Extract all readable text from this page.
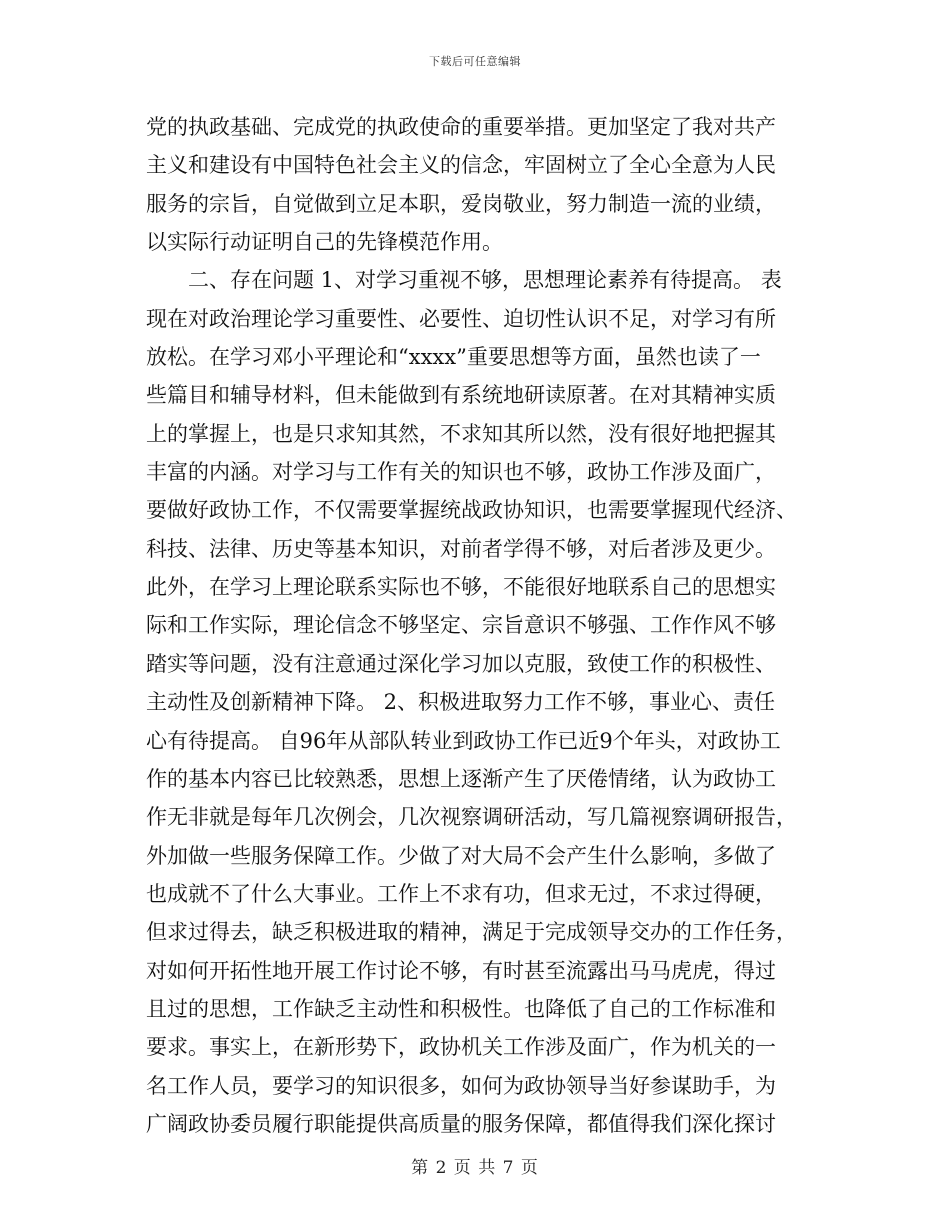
下载后可任意编辑
党的执政基础、完成党的执政使命的重要举措。更加坚定了我对共产
主义和建设有中国特色社会主义的信念，牢固树立了全心全意为人民
服务的宗旨，自觉做到立足本职，爱岗敬业，努力制造一流的业绩，
以实际行动证明自己的先锋模范作用。
　　二、存在问题 1、对学习重视不够，思想理论素养有待提高。 表
现在对政治理论学习重要性、必要性、迫切性认识不足，对学习有所
放松。在学习邓小平理论和“xxxx”重要思想等方面，虽然也读了一
些篇目和辅导材料，但未能做到有系统地研读原著。在对其精神实质
上的掌握上，也是只求知其然，不求知其所以然，没有很好地把握其
丰富的内涵。对学习与工作有关的知识也不够，政协工作涉及面广，
要做好政协工作，不仅需要掌握统战政协知识，也需要掌握现代经济、
科技、法律、历史等基本知识，对前者学得不够，对后者涉及更少。
此外，在学习上理论联系实际也不够，不能很好地联系自己的思想实
际和工作实际，理论信念不够坚定、宗旨意识不够强、工作作风不够
踏实等问题，没有注意通过深化学习加以克服，致使工作的积极性、
主动性及创新精神下降。 2、积极进取努力工作不够，事业心、责任
心有待提高。 自96年从部队转业到政协工作已近9个年头，对政协工
作的基本内容已比较熟悉，思想上逐渐产生了厌倦情绪，认为政协工
作无非就是每年几次例会，几次视察调研活动，写几篇视察调研报告，
外加做一些服务保障工作。少做了对大局不会产生什么影响，多做了
也成就不了什么大事业。工作上不求有功，但求无过，不求过得硬，
但求过得去，缺乏积极进取的精神，满足于完成领导交办的工作任务，
对如何开拓性地开展工作讨论不够，有时甚至流露出马马虎虎，得过
且过的思想，工作缺乏主动性和积极性。也降低了自己的工作标准和
要求。事实上，在新形势下，政协机关工作涉及面广，作为机关的一
名工作人员，要学习的知识很多，如何为政协领导当好参谋助手，为
广阔政协委员履行职能提供高质量的服务保障，都值得我们深化探讨
第 2 页 共 7 页
